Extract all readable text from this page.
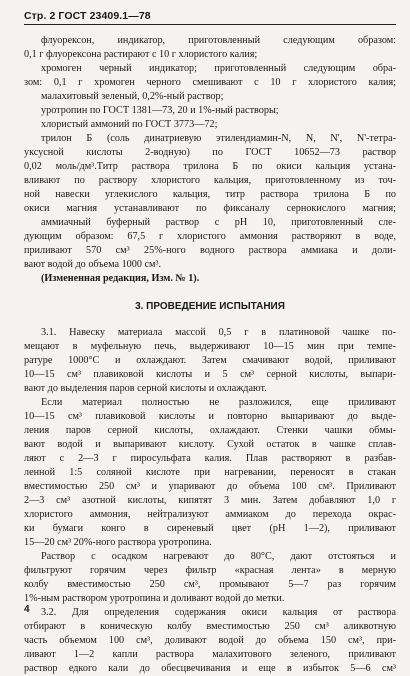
Стр. 2 ГОСТ 23409.1—78
флуорексон, индикатор, приготовленный следующим образом:
0,1 г флуорексона растирают с 10 г хлористого калия;
хромоген черный индикатор; приготовленный следующим обра-
зом: 0,1 г хромоген черного смешивают с 10 г хлористого калия;
малахитовый зеленый, 0,2%-ный раствор;
уротропин по ГОСТ 1381—73, 20 и 1%-ный растворы;
хлористый аммоний по ГОСТ 3773—72;
трилон Б (соль динатриевую этилендиамин-N, N, N', N'-тетра-
уксусной кислоты 2-водную) по ГОСТ 10652—73 раствор
0,02 моль/дм³.Титр раствора трилона Б по окиси кальция устана-
вливают по раствору хлористого кальция, приготовленному из точ-
ной навески углекислого кальция, титр раствора трилона Б по
окиси магния устанавливают по фиксаналу сернокислого магния;
аммиачный буферный раствор с pH 10, приготовленный сле-
дующим образом: 67,5 г хлористого аммония растворяют в воде,
приливают 570 см³ 25%-ного водного раствора аммиака и доли-
вают водой до объема 1000 см³.
(Измененная редакция, Изм. № 1).
3. ПРОВЕДЕНИЕ ИСПЫТАНИЯ
3.1. Навеску материала массой 0,5 г в платиновой чашке по-
мещают в муфельную печь, выдерживают 10—15 мин при темпе-
ратуре 1000°С и охлаждают. Затем смачивают водой, приливают
10—15 см³ плавиковой кислоты и 5 см³ серной кислоты, выпари-
вают до выделения паров серной кислоты и охлаждают.
Если материал полностью не разложился, еще приливают
10—15 см³ плавиковой кислоты и повторно выпаривают до выде-
ления паров серной кислоты, охлаждают. Стенки чашки обмы-
вают водой и выпаривают кислоту. Сухой остаток в чашке сплав-
ляют с 2—3 г пиросульфата калия. Плав растворяют в разбав-
ленной 1:5 соляной кислоте при нагревании, переносят в стакан
вместимостью 250 см³ и упаривают до объема 100 см³. Приливают
2—3 см³ азотной кислоты, кипятят 3 мин. Затем добавляют 1,0 г
хлористого аммония, нейтрализуют аммиаком до перехода окрас-
ки бумаги конго в сиреневый цвет (pH 1—2), приливают
15—20 см³ 20%-ного раствора уротропина.
Раствор с осадком нагревают до 80°С, дают отстояться и
фильтруют горячим через фильтр «красная лента» в мерную
колбу вместимостью 250 см³, промывают 5—7 раз горячим
1%-ным раствором уротропина и доливают водой до метки.
3.2. Для определения содержания окиси кальция от раствора
отбирают в коническую колбу вместимостью 250 см³ аликвотную
часть объемом 100 см³, доливают водой до объема 150 см³, при-
ливают 1—2 капли раствора малахитового зеленого, приливают
раствор едкого кали до обесцвечивания и еще в избыток 5—6 см³
4
